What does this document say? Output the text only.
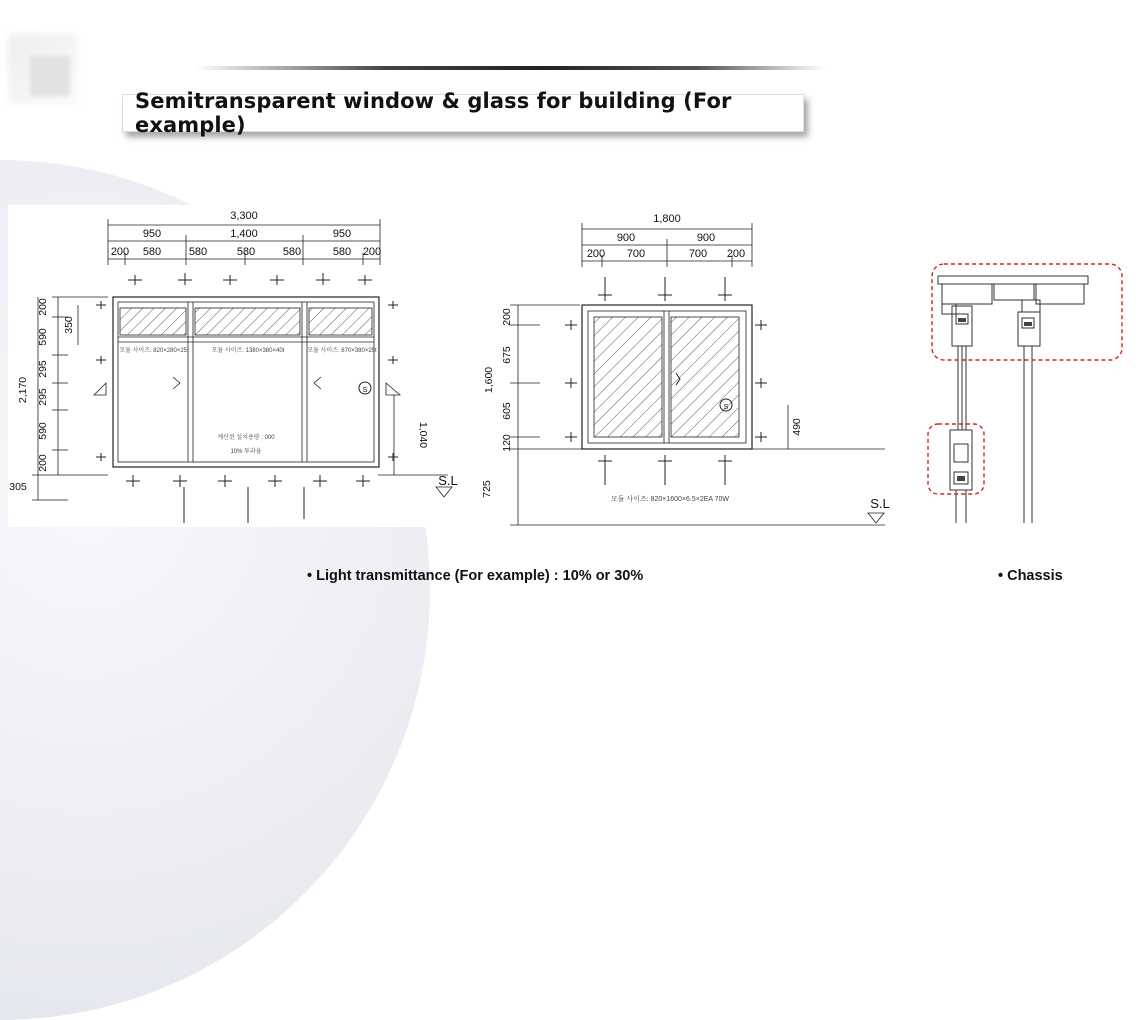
Semitransparent window & glass for building (For example)
3,300
950	1,400	950
200 580	580	580	580	580 200
S.L
S
2,170
200
590
295
295
590
200
305
350
1,040
모듈 사이즈: 820×280×25t	모듈 사이즈: 1380×380×40t	모듈 사이즈: 870×380×25t
계산된 설치용량 : 000
10% 투과율
1,800
900	900
200 700	700 200
S.L
S
1,600
200
675
605
120
725
490
모듈 사이즈: 820×1600×6.5×2EA 70W
• Light transmittance (For example) : 10% or 30%	• Chassis
